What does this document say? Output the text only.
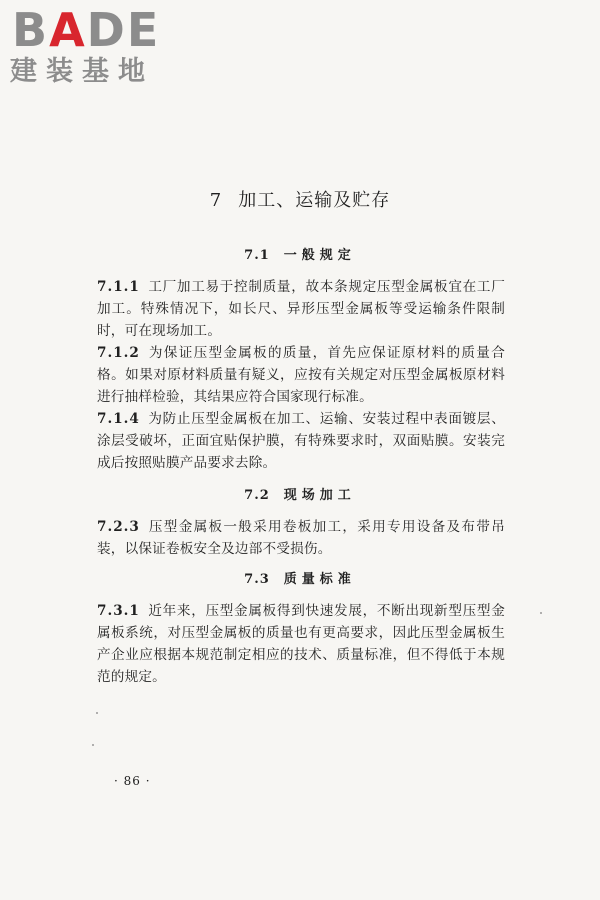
BADE
建装基地
7 加工、运输及贮存
7.1 一般规定
7.1.1 工厂加工易于控制质量，故本条规定压型金属板宜在工厂加工。特殊情况下，如长尺、异形压型金属板等受运输条件限制时，可在现场加工。
7.1.2 为保证压型金属板的质量，首先应保证原材料的质量合格。如果对原材料质量有疑义，应按有关规定对压型金属板原材料进行抽样检验，其结果应符合国家现行标准。
7.1.4 为防止压型金属板在加工、运输、安装过程中表面镀层、涂层受破坏，正面宜贴保护膜，有特殊要求时，双面贴膜。安装完成后按照贴膜产品要求去除。
7.2 现场加工
7.2.3 压型金属板一般采用卷板加工，采用专用设备及布带吊装，以保证卷板安全及边部不受损伤。
7.3 质量标准
7.3.1 近年来，压型金属板得到快速发展，不断出现新型压型金属板系统，对压型金属板的质量也有更高要求，因此压型金属板生产企业应根据本规范制定相应的技术、质量标准，但不得低于本规范的规定。
· 86 ·
